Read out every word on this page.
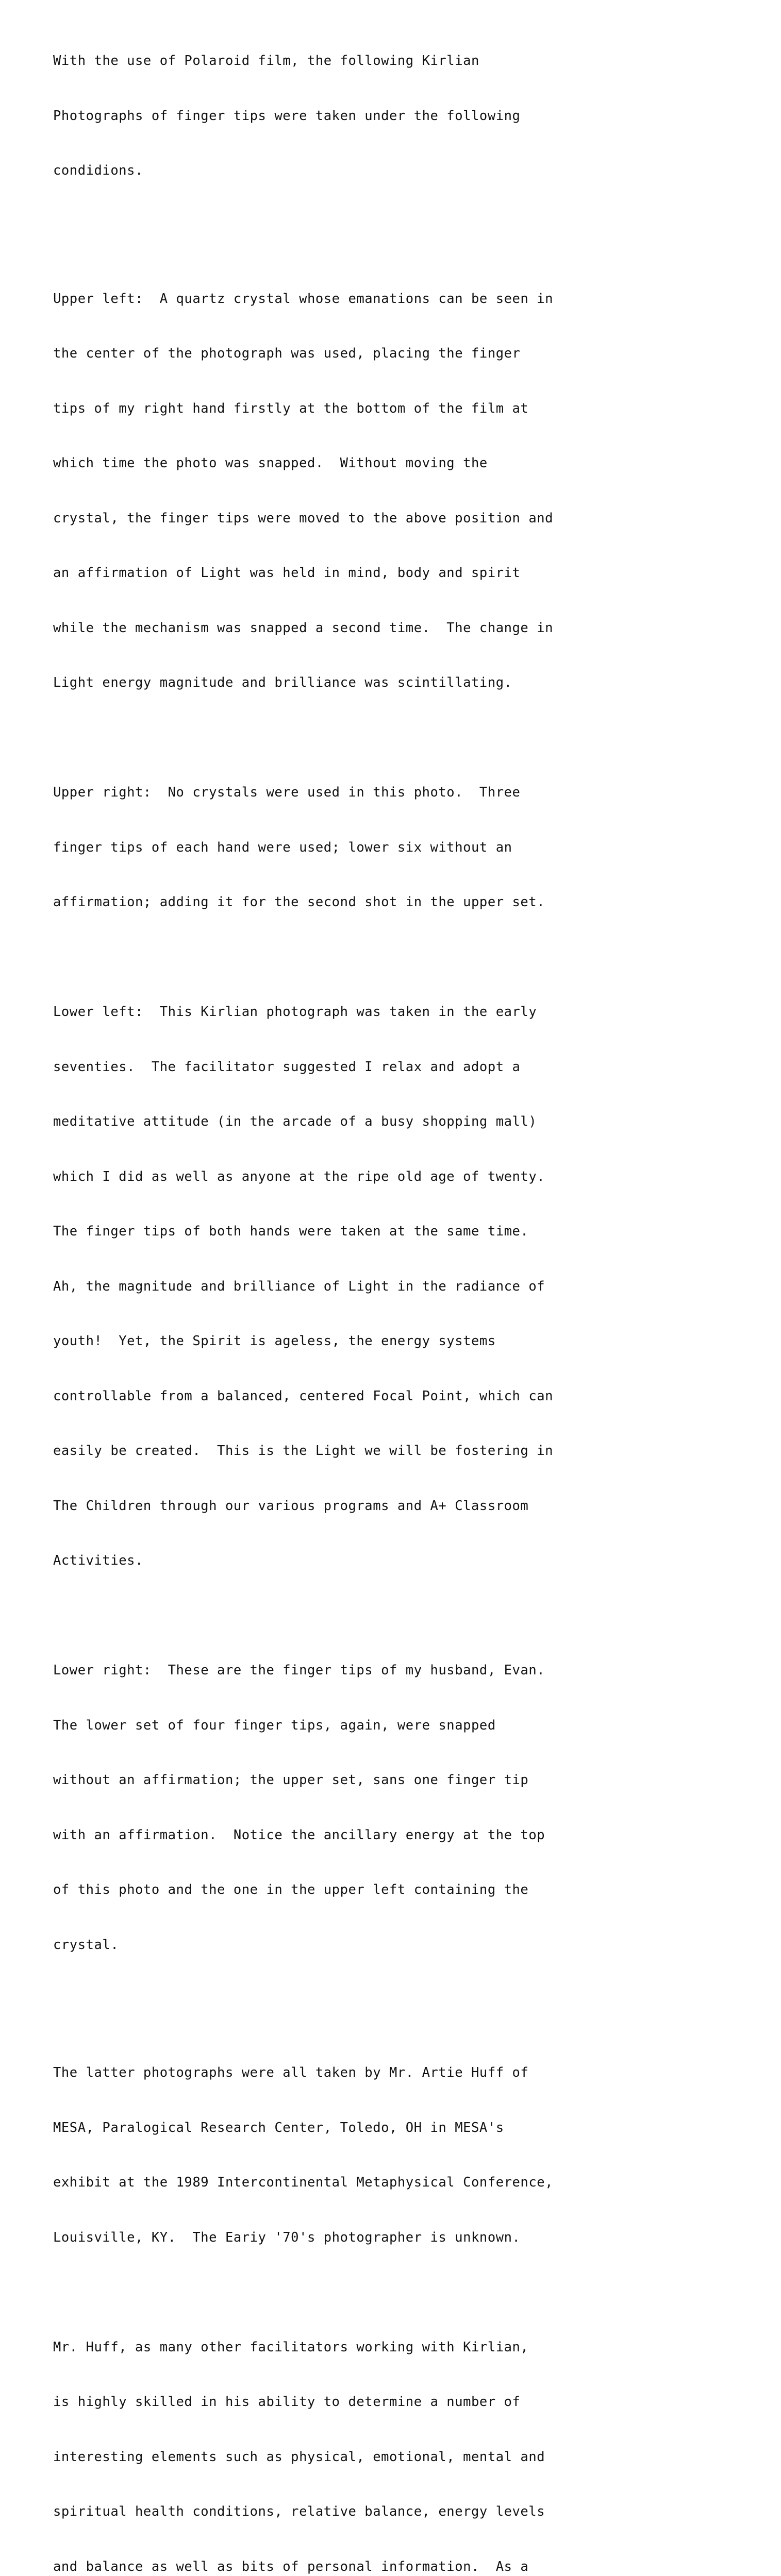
With the use of Polaroid film, the following Kirlian

Photographs of finger tips were taken under the following

condidions.

Upper left:  A quartz crystal whose emanations can be seen in

the center of the photograph was used, placing the finger

tips of my right hand firstly at the bottom of the film at

which time the photo was snapped.  Without moving the

crystal, the finger tips were moved to the above position and

an affirmation of Light was held in mind, body and spirit

while the mechanism was snapped a second time.  The change in

Light energy magnitude and brilliance was scintillating.

Upper right:  No crystals were used in this photo.  Three

finger tips of each hand were used; lower six without an

affirmation; adding it for the second shot in the upper set.

Lower left:  This Kirlian photograph was taken in the early

seventies.  The facilitator suggested I relax and adopt a

meditative attitude (in the arcade of a busy shopping mall)

which I did as well as anyone at the ripe old age of twenty.

The finger tips of both hands were taken at the same time.

Ah, the magnitude and brilliance of Light in the radiance of

youth!  Yet, the Spirit is ageless, the energy systems

controllable from a balanced, centered Focal Point, which can

easily be created.  This is the Light we will be fostering in

The Children through our various programs and A+ Classroom

Activities.

Lower right:  These are the finger tips of my husband, Evan.

The lower set of four finger tips, again, were snapped

without an affirmation; the upper set, sans one finger tip

with an affirmation.  Notice the ancillary energy at the top

of this photo and the one in the upper left containing the

crystal.

The latter photographs were all taken by Mr. Artie Huff of

MESA, Paralogical Research Center, Toledo, OH in MESA's

exhibit at the 1989 Intercontinental Metaphysical Conference,

Louisville, KY.  The Eariy '70's photographer is unknown.

Mr. Huff, as many other facilitators working with Kirlian,

is highly skilled in his ability to determine a number of

interesting elements such as physical, emotional, mental and

spiritual health conditions, relative balance, energy levels

and balance as well as bits of personal information.  As a
